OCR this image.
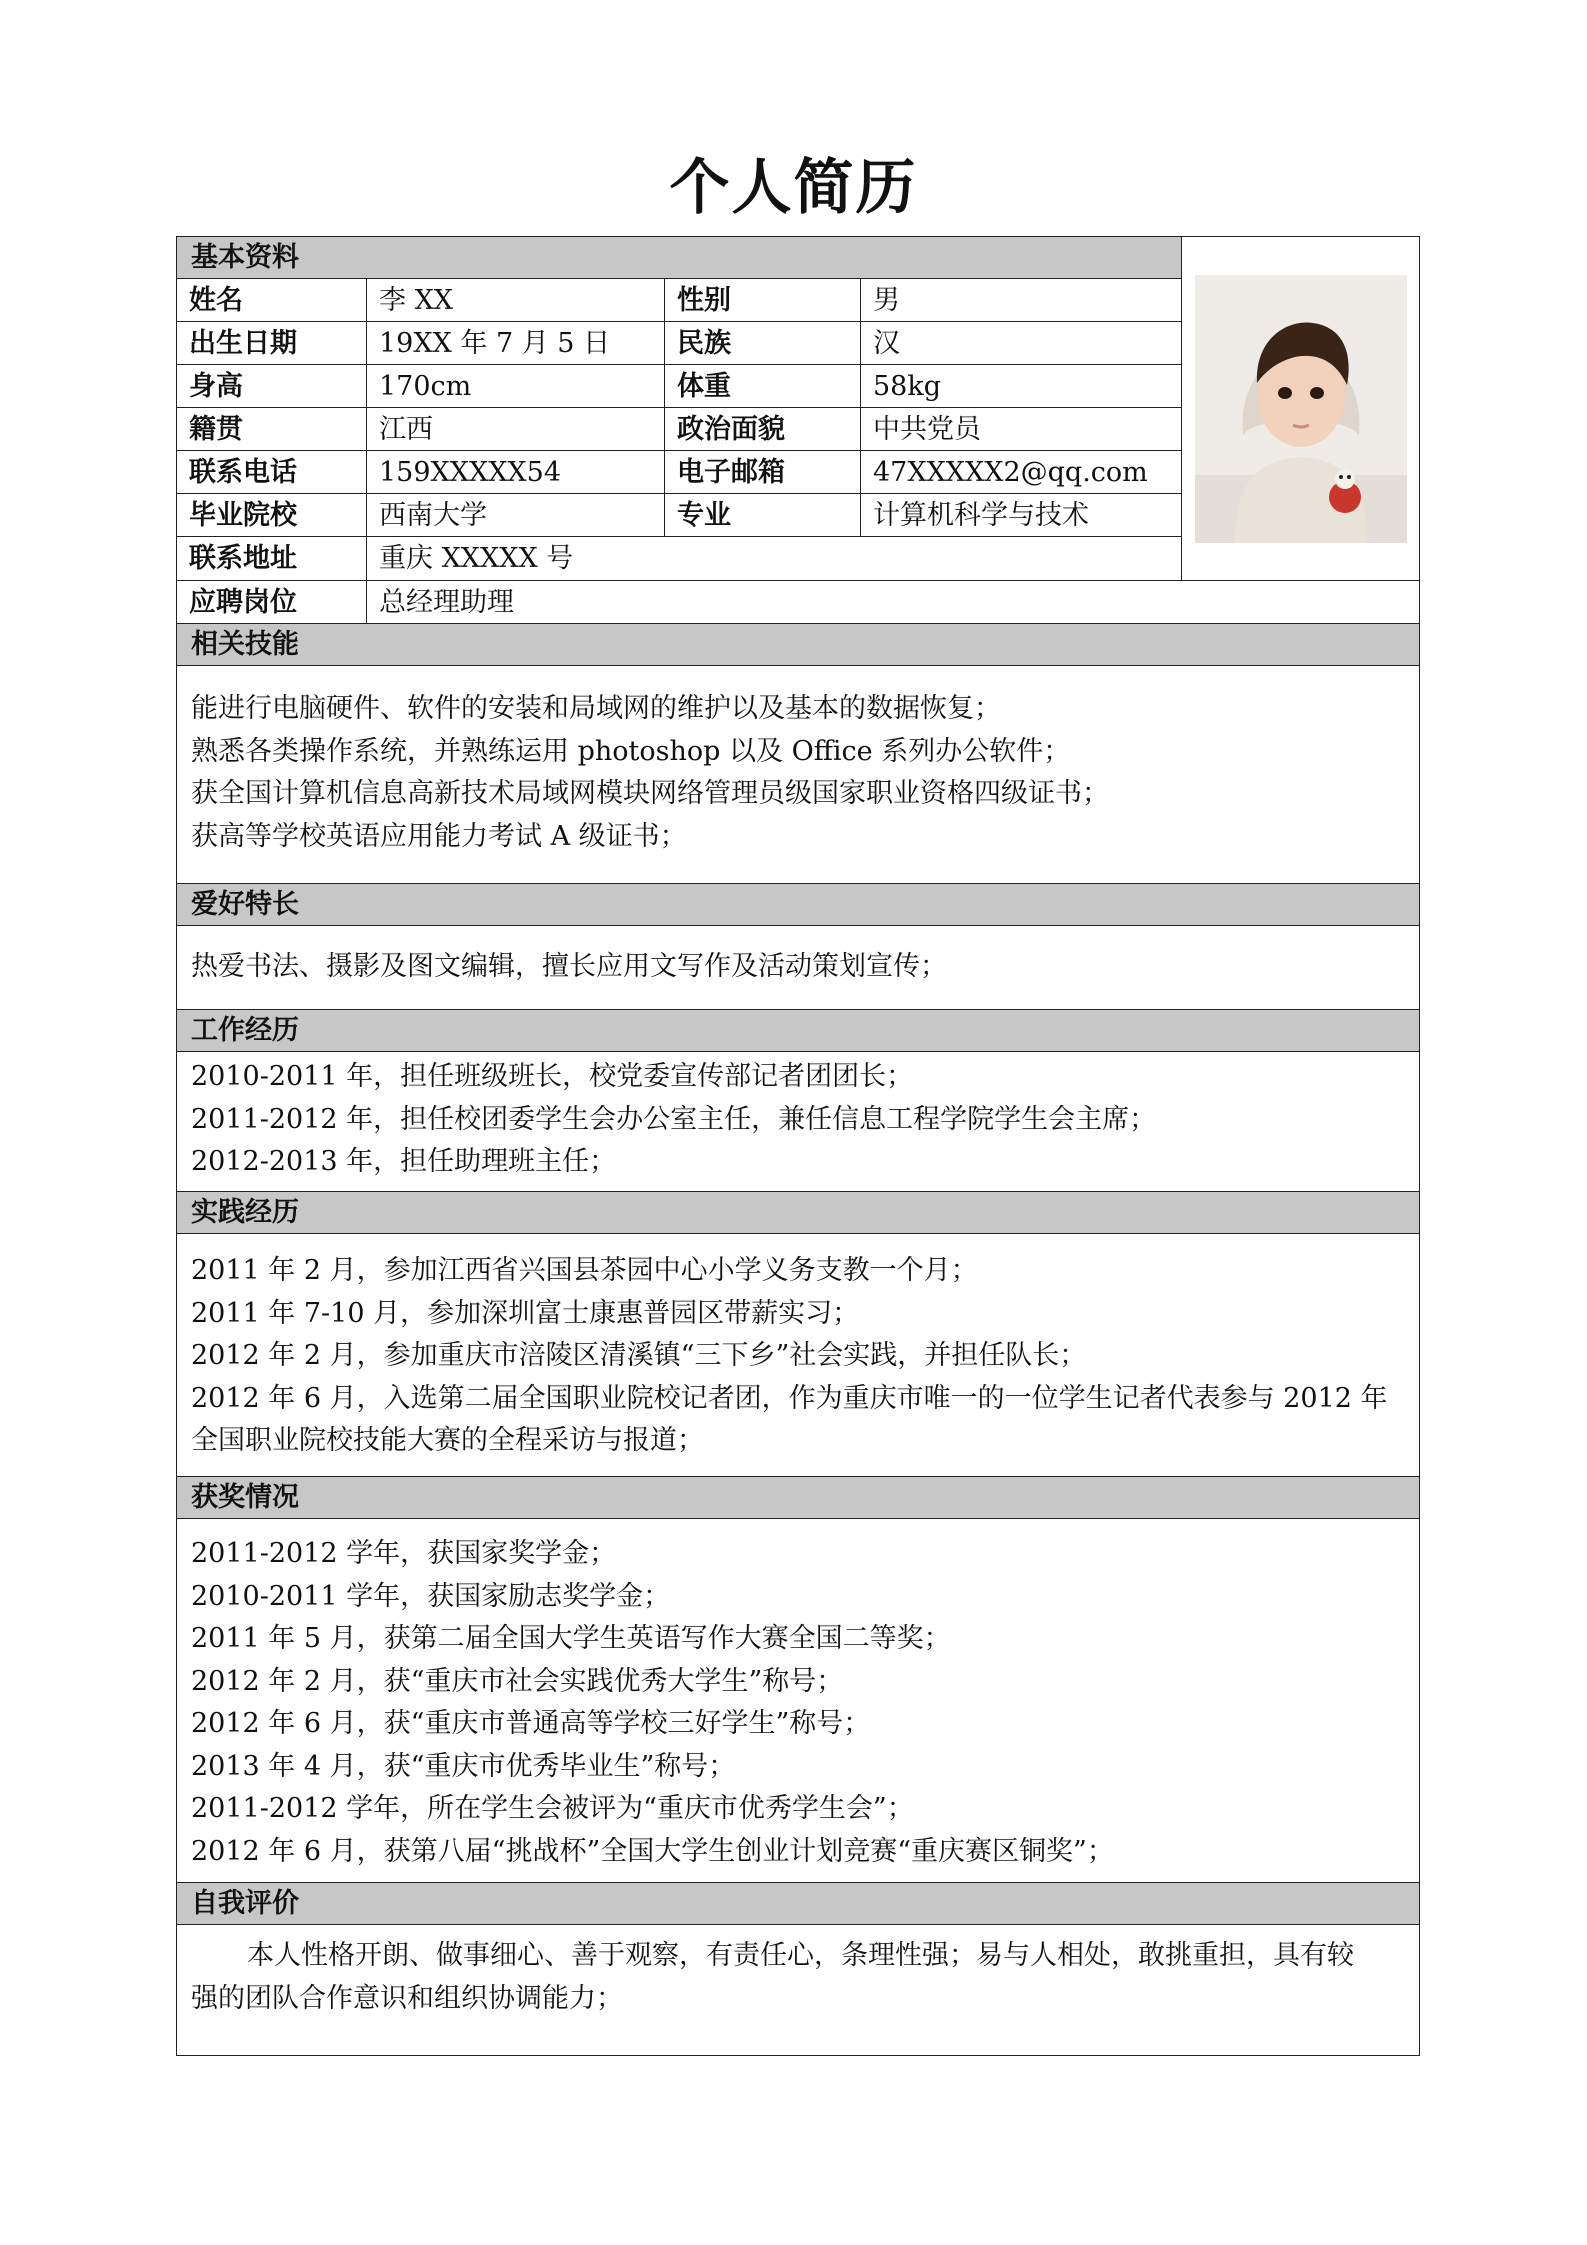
个人简历
基本资料
姓名	李 XX	性别	男
出生日期	19XX 年 7 月 5 日	民族	汉
身高	170cm	体重	58kg
籍贯	江西	政治面貌	中共党员
联系电话	159XXXXX54	电子邮箱	47XXXXX2@qq.com
毕业院校	西南大学	专业	计算机科学与技术
联系地址	重庆 XXXXX 号
应聘岗位	总经理助理
相关技能
能进行电脑硬件、软件的安装和局域网的维护以及基本的数据恢复；
熟悉各类操作系统，并熟练运用 photoshop 以及 Office 系列办公软件；
获全国计算机信息高新技术局域网模块网络管理员级国家职业资格四级证书；
获高等学校英语应用能力考试 A 级证书；
爱好特长
热爱书法、摄影及图文编辑，擅长应用文写作及活动策划宣传；
工作经历
2010-2011 年，担任班级班长，校党委宣传部记者团团长；
2011-2012 年，担任校团委学生会办公室主任，兼任信息工程学院学生会主席；
2012-2013 年，担任助理班主任；
实践经历
2011 年 2 月，参加江西省兴国县茶园中心小学义务支教一个月；
2011 年 7-10 月，参加深圳富士康惠普园区带薪实习；
2012 年 2 月，参加重庆市涪陵区清溪镇“三下乡”社会实践，并担任队长；
2012 年 6 月，入选第二届全国职业院校记者团，作为重庆市唯一的一位学生记者代表参与 2012 年
全国职业院校技能大赛的全程采访与报道；
获奖情况
2011-2012 学年，获国家奖学金；
2010-2011 学年，获国家励志奖学金；
2011 年 5 月，获第二届全国大学生英语写作大赛全国二等奖；
2012 年 2 月，获“重庆市社会实践优秀大学生”称号；
2012 年 6 月，获“重庆市普通高等学校三好学生”称号；
2013 年 4 月，获“重庆市优秀毕业生”称号；
2011-2012 学年，所在学生会被评为“重庆市优秀学生会”；
2012 年 6 月，获第八届“挑战杯”全国大学生创业计划竞赛“重庆赛区铜奖”；
自我评价
本人性格开朗、做事细心、善于观察，有责任心，条理性强；易与人相处，敢挑重担，具有较
强的团队合作意识和组织协调能力；
